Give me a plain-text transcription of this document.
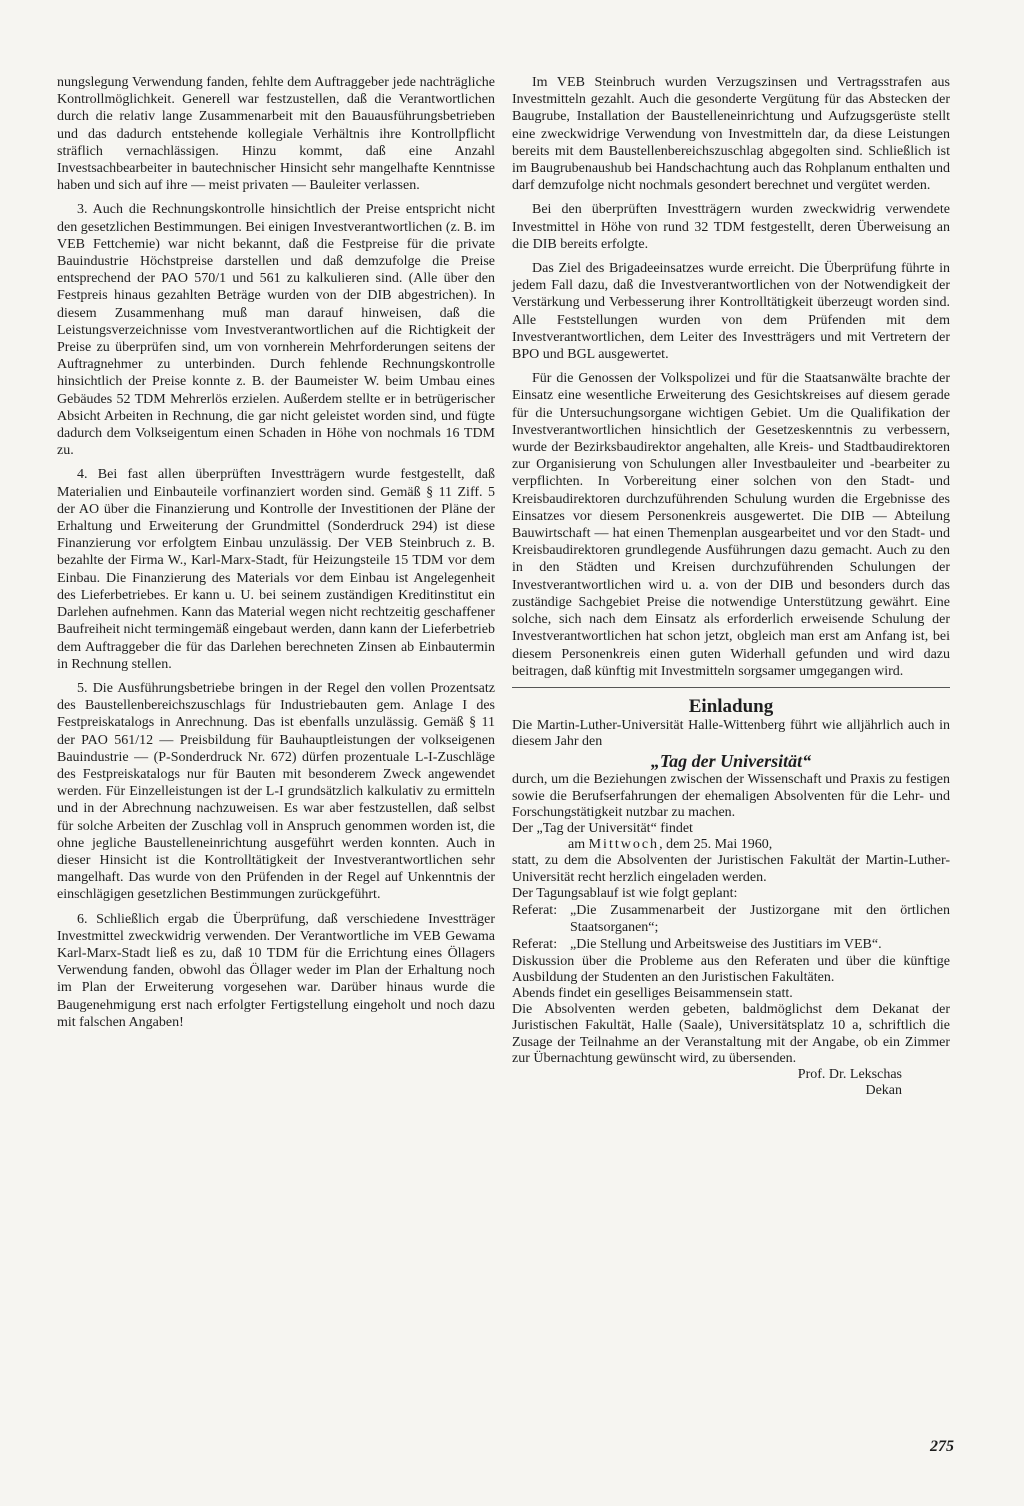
nungslegung Verwendung fanden, fehlte dem Auftraggeber jede nachträgliche Kontrollmöglichkeit. Generell war festzustellen, daß die Verantwortlichen durch die relativ lange Zusammenarbeit mit den Bauausführungsbetrieben und das dadurch entstehende kollegiale Verhältnis ihre Kontrollpflicht sträflich vernachlässigen. Hinzu kommt, daß eine Anzahl Investsachbearbeiter in bautechnischer Hinsicht sehr mangelhafte Kenntnisse haben und sich auf ihre — meist privaten — Bauleiter verlassen.

3. Auch die Rechnungskontrolle hinsichtlich der Preise entspricht nicht den gesetzlichen Bestimmungen. Bei einigen Investverantwortlichen (z. B. im VEB Fettchemie) war nicht bekannt, daß die Festpreise für die private Bauindustrie Höchstpreise darstellen und daß demzufolge die Preise entsprechend der PAO 570/1 und 561 zu kalkulieren sind. (Alle über den Festpreis hinaus gezahlten Beträge wurden von der DIB abgestrichen). In diesem Zusammenhang muß man darauf hinweisen, daß die Leistungsverzeichnisse vom Investverantwortlichen auf die Richtigkeit der Preise zu überprüfen sind, um von vornherein Mehrforderungen seitens der Auftragnehmer zu unterbinden. Durch fehlende Rechnungskontrolle hinsichtlich der Preise konnte z. B. der Baumeister W. beim Umbau eines Gebäudes 52 TDM Mehrerlös erzielen. Außerdem stellte er in betrügerischer Absicht Arbeiten in Rechnung, die gar nicht geleistet worden sind, und fügte dadurch dem Volkseigentum einen Schaden in Höhe von nochmals 16 TDM zu.

4. Bei fast allen überprüften Investträgern wurde festgestellt, daß Materialien und Einbauteile vorfinanziert worden sind. Gemäß § 11 Ziff. 5 der AO über die Finanzierung und Kontrolle der Investitionen der Pläne der Erhaltung und Erweiterung der Grundmittel (Sonderdruck 294) ist diese Finanzierung vor erfolgtem Einbau unzulässig. Der VEB Steinbruch z. B. bezahlte der Firma W., Karl-Marx-Stadt, für Heizungsteile 15 TDM vor dem Einbau. Die Finanzierung des Materials vor dem Einbau ist Angelegenheit des Lieferbetriebes. Er kann u. U. bei seinem zuständigen Kreditinstitut ein Darlehen aufnehmen. Kann das Material wegen nicht rechtzeitig geschaffener Baufreiheit nicht termingemäß eingebaut werden, dann kann der Lieferbetrieb dem Auftraggeber die für das Darlehen berechneten Zinsen ab Einbautermin in Rechnung stellen.

5. Die Ausführungsbetriebe bringen in der Regel den vollen Prozentsatz des Baustellenbereichszuschlags für Industriebauten gem. Anlage I des Festpreiskatalogs in Anrechnung. Das ist ebenfalls unzulässig. Gemäß § 11 der PAO 561/12 — Preisbildung für Bauhauptleistungen der volkseigenen Bauindustrie — (P-Sonderdruck Nr. 672) dürfen prozentuale L-I-Zuschläge des Festpreiskatalogs nur für Bauten mit besonderem Zweck angewendet werden. Für Einzelleistungen ist der L-I grundsätzlich kalkulativ zu ermitteln und in der Abrechnung nachzuweisen. Es war aber festzustellen, daß selbst für solche Arbeiten der Zuschlag voll in Anspruch genommen worden ist, die ohne jegliche Baustelleneinrichtung ausgeführt werden konnten. Auch in dieser Hinsicht ist die Kontrolltätigkeit der Investverantwortlichen sehr mangelhaft. Das wurde von den Prüfenden in der Regel auf Unkenntnis der einschlägigen gesetzlichen Bestimmungen zurückgeführt.

6. Schließlich ergab die Überprüfung, daß verschiedene Investträger Investmittel zweckwidrig verwenden. Der Verantwortliche im VEB Gewama Karl-Marx-Stadt ließ es zu, daß 10 TDM für die Errichtung eines Öllagers Verwendung fanden, obwohl das Öllager weder im Plan der Erhaltung noch im Plan der Erweiterung vorgesehen war. Darüber hinaus wurde die Baugenehmigung erst nach erfolgter Fertigstellung eingeholt und noch dazu mit falschen Angaben!

Im VEB Steinbruch wurden Verzugszinsen und Vertragsstrafen aus Investmitteln gezahlt. Auch die gesonderte Vergütung für das Abstecken der Baugrube, Installation der Baustelleneinrichtung und Aufzugsgerüste stellt eine zweckwidrige Verwendung von Investmitteln dar, da diese Leistungen bereits mit dem Baustellenbereichszuschlag abgegolten sind. Schließlich ist im Baugrubenaushub bei Handschachtung auch das Rohplanum enthalten und darf demzufolge nicht nochmals gesondert berechnet und vergütet werden.

Bei den überprüften Investträgern wurden zweckwidrig verwendete Investmittel in Höhe von rund 32 TDM festgestellt, deren Überweisung an die DIB bereits erfolgte.

Das Ziel des Brigadeeinsatzes wurde erreicht. Die Überprüfung führte in jedem Fall dazu, daß die Investverantwortlichen von der Notwendigkeit der Verstärkung und Verbesserung ihrer Kontrolltätigkeit überzeugt worden sind. Alle Feststellungen wurden von dem Prüfenden mit dem Investverantwortlichen, dem Leiter des Investträgers und mit Vertretern der BPO und BGL ausgewertet.

Für die Genossen der Volkspolizei und für die Staatsanwälte brachte der Einsatz eine wesentliche Erweiterung des Gesichtskreises auf diesem gerade für die Untersuchungsorgane wichtigen Gebiet. Um die Qualifikation der Investverantwortlichen hinsichtlich der Gesetzeskenntnis zu verbessern, wurde der Bezirksbaudirektor angehalten, alle Kreis- und Stadtbaudirektoren zur Organisierung von Schulungen aller Investbauleiter und -bearbeiter zu verpflichten. In Vorbereitung einer solchen von den Stadt- und Kreisbaudirektoren durchzuführenden Schulung wurden die Ergebnisse des Einsatzes vor diesem Personenkreis ausgewertet. Die DIB — Abteilung Bauwirtschaft — hat einen Themenplan ausgearbeitet und vor den Stadt- und Kreisbaudirektoren grundlegende Ausführungen dazu gemacht. Auch zu den in den Städten und Kreisen durchzuführenden Schulungen der Investverantwortlichen wird u. a. von der DIB und besonders durch das zuständige Sachgebiet Preise die notwendige Unterstützung gewährt. Eine solche, sich nach dem Einsatz als erforderlich erweisende Schulung der Investverantwortlichen hat schon jetzt, obgleich man erst am Anfang ist, bei diesem Personenkreis einen guten Widerhall gefunden und wird dazu beitragen, daß künftig mit Investmitteln sorgsamer umgegangen wird.

Einladung

Die Martin-Luther-Universität Halle-Wittenberg führt wie alljährlich auch in diesem Jahr den

„Tag der Universität“

durch, um die Beziehungen zwischen der Wissenschaft und Praxis zu festigen sowie die Berufserfahrungen der ehemaligen Absolventen für die Lehr- und Forschungstätigkeit nutzbar zu machen.

Der „Tag der Universität“ findet

am Mittwoch, dem 25. Mai 1960,

statt, zu dem die Absolventen der Juristischen Fakultät der Martin-Luther-Universität recht herzlich eingeladen werden.

Der Tagungsablauf ist wie folgt geplant:

Referat: „Die Zusammenarbeit der Justizorgane mit den örtlichen Staatsorganen“;
Referat: „Die Stellung und Arbeitsweise des Justitiars im VEB“.

Diskussion über die Probleme aus den Referaten und über die künftige Ausbildung der Studenten an den Juristischen Fakultäten.

Abends findet ein geselliges Beisammensein statt.

Die Absolventen werden gebeten, baldmöglichst dem Dekanat der Juristischen Fakultät, Halle (Saale), Universitätsplatz 10 a, schriftlich die Zusage der Teilnahme an der Veranstaltung mit der Angabe, ob ein Zimmer zur Übernachtung gewünscht wird, zu übersenden.

Prof. Dr. Lekschas

Dekan

275
